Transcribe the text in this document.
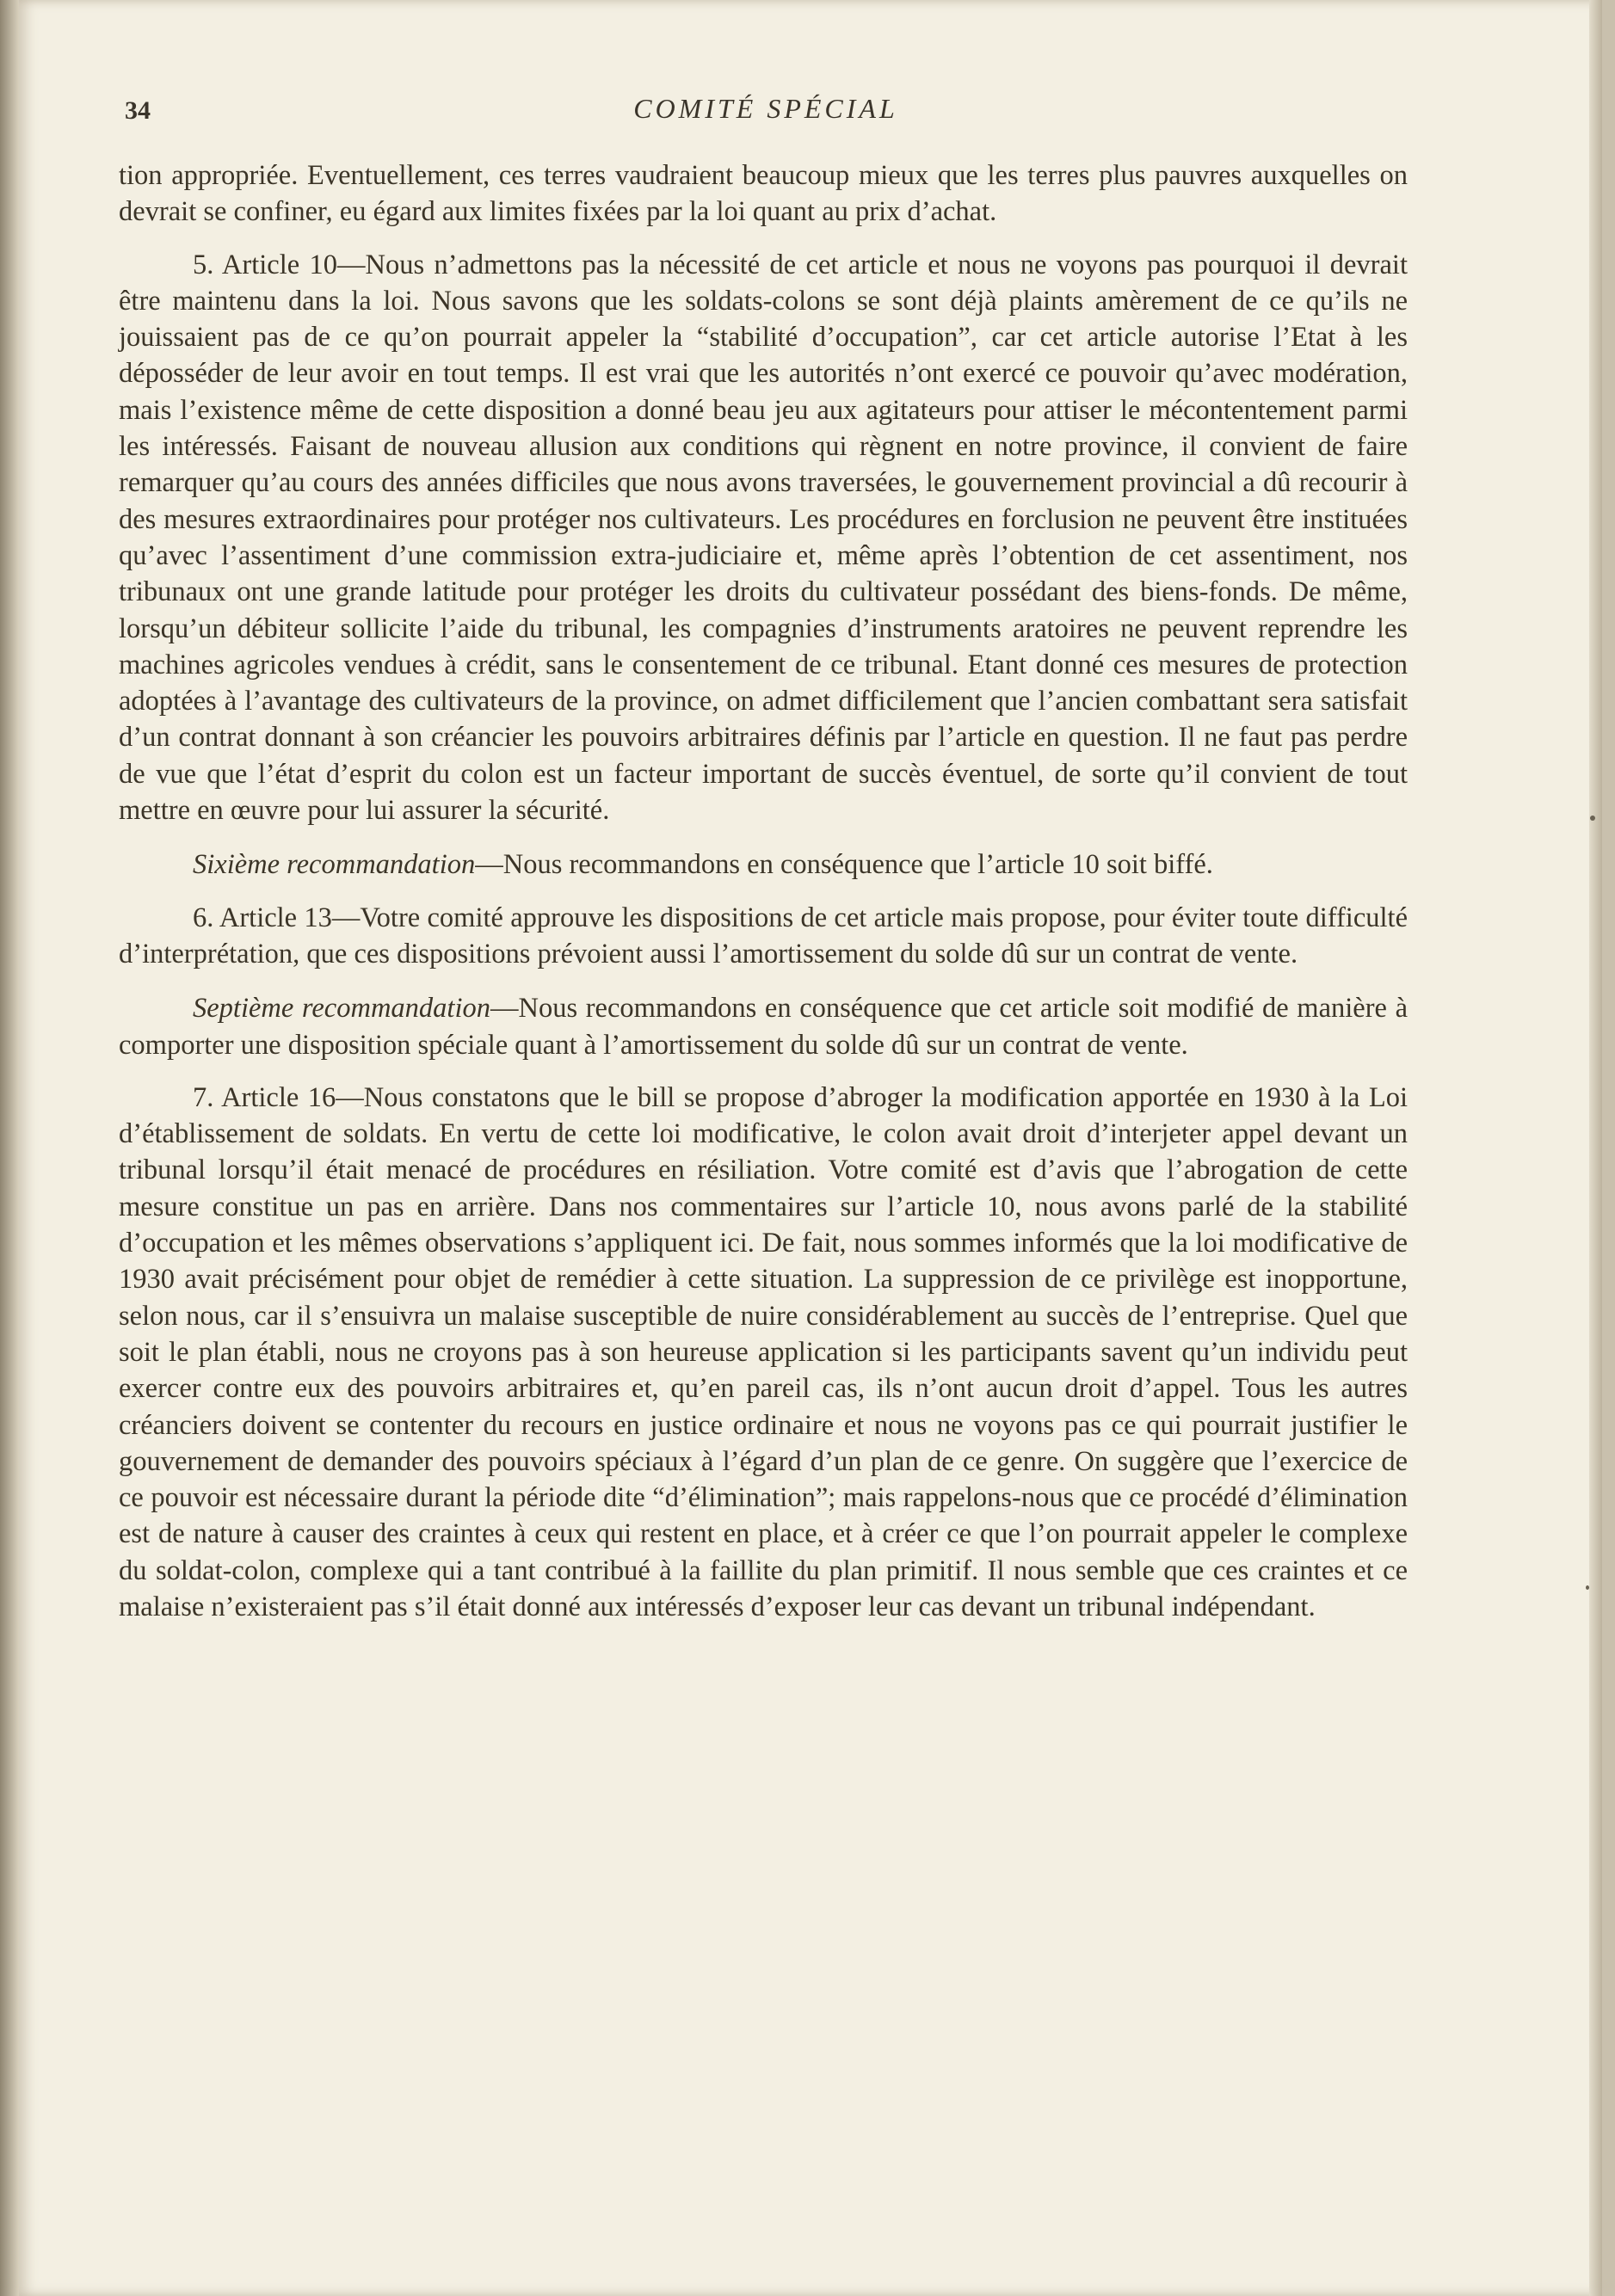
34	COMITÉ SPÉCIAL

tion appropriée. Eventuellement, ces terres vaudraient beaucoup mieux que les terres plus pauvres auxquelles on devrait se confiner, eu égard aux limites fixées par la loi quant au prix d’achat.

5. Article 10—Nous n’admettons pas la nécessité de cet article et nous ne voyons pas pourquoi il devrait être maintenu dans la loi. Nous savons que les soldats-colons se sont déjà plaints amèrement de ce qu’ils ne jouissaient pas de ce qu’on pourrait appeler la “stabilité d’occupation”, car cet article autorise l’Etat à les déposséder de leur avoir en tout temps. Il est vrai que les autorités n’ont exercé ce pouvoir qu’avec modération, mais l’existence même de cette disposition a donné beau jeu aux agitateurs pour attiser le mécontentement parmi les intéressés. Faisant de nouveau allusion aux conditions qui règnent en notre province, il convient de faire remarquer qu’au cours des années difficiles que nous avons traversées, le gouvernement provincial a dû recourir à des mesures extraordinaires pour protéger nos cultivateurs. Les procédures en forclusion ne peuvent être instituées qu’avec l’assentiment d’une commission extra-judiciaire et, même après l’obtention de cet assentiment, nos tribunaux ont une grande latitude pour protéger les droits du cultivateur possédant des biens-fonds. De même, lorsqu’un débiteur sollicite l’aide du tribunal, les compagnies d’instruments aratoires ne peuvent reprendre les machines agricoles vendues à crédit, sans le consentement de ce tribunal. Etant donné ces mesures de protection adoptées à l’avantage des cultivateurs de la province, on admet difficilement que l’ancien combattant sera satisfait d’un contrat donnant à son créancier les pouvoirs arbitraires définis par l’article en question. Il ne faut pas perdre de vue que l’état d’esprit du colon est un facteur important de succès éventuel, de sorte qu’il convient de tout mettre en œuvre pour lui assurer la sécurité.

Sixième recommandation—Nous recommandons en conséquence que l’article 10 soit biffé.

6. Article 13—Votre comité approuve les dispositions de cet article mais propose, pour éviter toute difficulté d’interprétation, que ces dispositions prévoient aussi l’amortissement du solde dû sur un contrat de vente.

Septième recommandation—Nous recommandons en conséquence que cet article soit modifié de manière à comporter une disposition spéciale quant à l’amortissement du solde dû sur un contrat de vente.

7. Article 16—Nous constatons que le bill se propose d’abroger la modification apportée en 1930 à la Loi d’établissement de soldats. En vertu de cette loi modificative, le colon avait droit d’interjeter appel devant un tribunal lorsqu’il était menacé de procédures en résiliation. Votre comité est d’avis que l’abrogation de cette mesure constitue un pas en arrière. Dans nos commentaires sur l’article 10, nous avons parlé de la stabilité d’occupation et les mêmes observations s’appliquent ici. De fait, nous sommes informés que la loi modificative de 1930 avait précisément pour objet de remédier à cette situation. La suppression de ce privilège est inopportune, selon nous, car il s’ensuivra un malaise susceptible de nuire considérablement au succès de l’entreprise. Quel que soit le plan établi, nous ne croyons pas à son heureuse application si les participants savent qu’un individu peut exercer contre eux des pouvoirs arbitraires et, qu’en pareil cas, ils n’ont aucun droit d’appel. Tous les autres créanciers doivent se contenter du recours en justice ordinaire et nous ne voyons pas ce qui pourrait justifier le gouvernement de demander des pouvoirs spéciaux à l’égard d’un plan de ce genre. On suggère que l’exercice de ce pouvoir est nécessaire durant la période dite “d’élimination”; mais rappelons-nous que ce procédé d’élimination est de nature à causer des craintes à ceux qui restent en place, et à créer ce que l’on pourrait appeler le complexe du soldat-colon, complexe qui a tant contribué à la faillite du plan primitif. Il nous semble que ces craintes et ce malaise n’existeraient pas s’il était donné aux intéressés d’exposer leur cas devant un tribunal indépendant.
